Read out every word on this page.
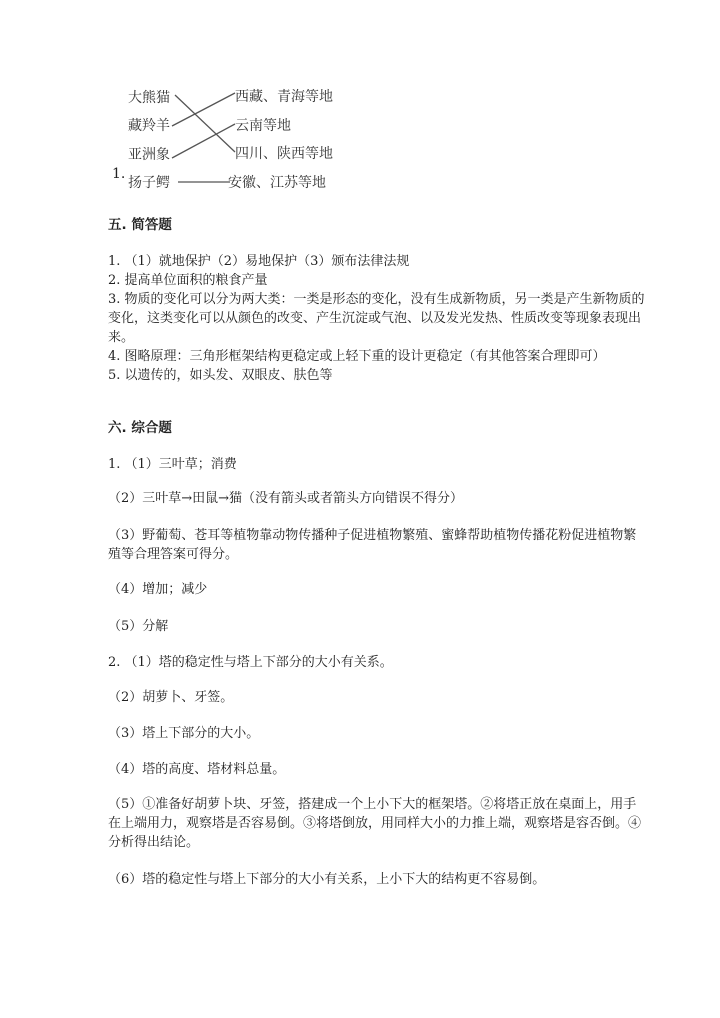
1.
大熊猫
藏羚羊
亚洲象
扬子鳄
西藏、青海等地
云南等地
四川、陕西等地
安徽、江苏等地
五. 简答题

1. （1）就地保护（2）易地保护（3）颁布法律法规

2. 提高单位面积的粮食产量

3. 物质的变化可以分为两大类：一类是形态的变化，没有生成新物质，另一类是产生新物质的变化，这类变化可以从颜色的改变、产生沉淀或气泡、以及发光发热、性质改变等现象表现出来。

4. 图略原理：三角形框架结构更稳定或上轻下重的设计更稳定（有其他答案合理即可）

5. 以遗传的，如头发、双眼皮、肤色等

六. 综合题

1. （1）三叶草；消费

（2）三叶草→田鼠→猫（没有箭头或者箭头方向错误不得分）

（3）野葡萄、苍耳等植物靠动物传播种子促进植物繁殖、蜜蜂帮助植物传播花粉促进植物繁殖等合理答案可得分。

（4）增加；减少

（5）分解

2. （1）塔的稳定性与塔上下部分的大小有关系。

（2）胡萝卜、牙签。

（3）塔上下部分的大小。

（4）塔的高度、塔材料总量。

（5）①准备好胡萝卜块、牙签，搭建成一个上小下大的框架塔。②将塔正放在桌面上，用手在上端用力，观察塔是否容易倒。③将塔倒放，用同样大小的力推上端，观察塔是容否倒。④分析得出结论。

（6）塔的稳定性与塔上下部分的大小有关系，上小下大的结构更不容易倒。
